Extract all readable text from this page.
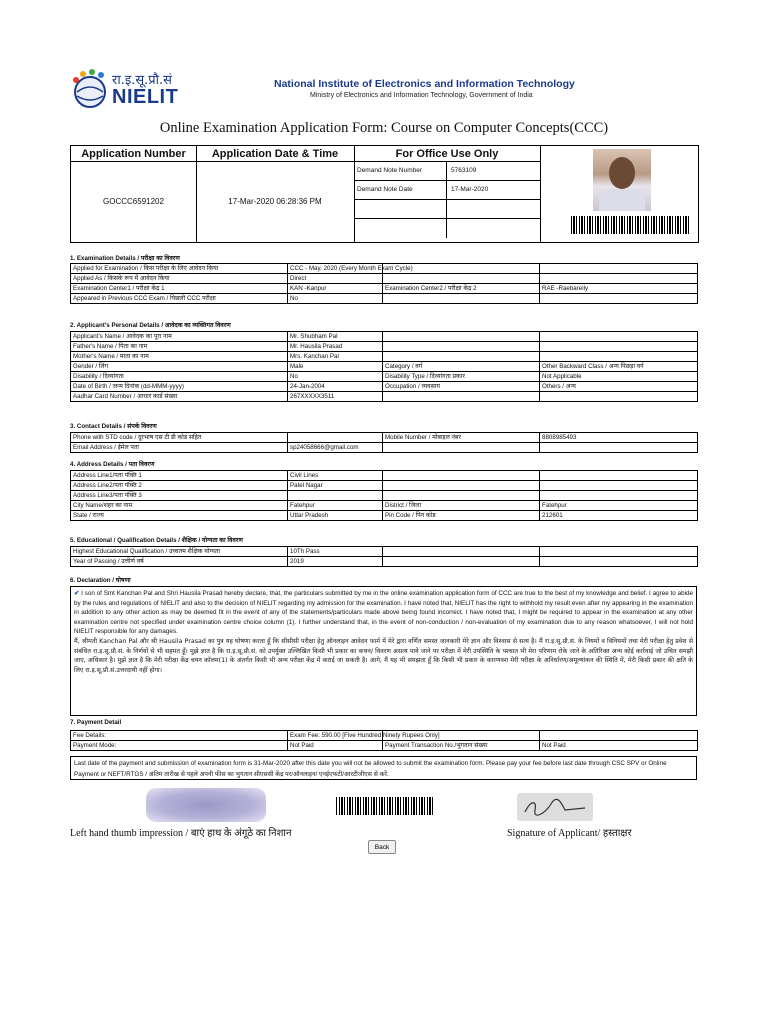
रा.इ.सू.प्रौ.सं
NIELIT
National Institute of Electronics and Information Technology
Ministry of Electronics and Information Technology, Government of India
Online Examination Application Form: Course on Computer Concepts(CCC)
Application Number	Application Date & Time	For Office Use Only
GOCCC6591202	17-Mar-2020 06:28:36 PM
Demand Note Number	5763109
Demand Note Date	17-Mar-2020
1. Examination Details / परीक्षा का विवरण
Applied for Examination / किस परीक्षा के लिए आवेदन किया	CCC - May, 2020 (Every Month Exam Cycle)		
Applied As / किसके रूप में आवेदन किया	Direct		
Examination Center1 / परीक्षा केंद्र 1	KAN -Kanpur	Examination Center2 / परीक्षा केंद्र 2	RAE -Raebareily
Appeared in Previous CCC Exam / पिछली CCC परीक्षा	No		
2. Applicant's Personal Details / आवेदक का व्यक्तिगत विवरण
Applicant's Name / आवेदक का पूरा नाम	Mr. Shubham Pal		
Father's Name / पिता का नाम	Mr. Hausila Prasad		
Mother's Name / माता का नाम	Mrs. Kanchan Pal		
Gender / लिंग	Male	Category / वर्ग	Other Backward Class / अन्य पिछड़ा वर्ग
Disability / दिव्यांगता	No	Disability Type / दिव्यांगता प्रकार	Not Applicable
Date of Birth / जन्म दिनांक (dd-MMM-yyyy)	24-Jan-2004	Occupation / व्यवसाय	Others / अन्य
Aadhar Card Number / आधार कार्ड संख्या	267XXXXX3511		
3. Contact Details / संपर्क विवरण
Phone with STD code / दूरभाष एस टी डी कोड सहित		Mobile Number / मोबाइल नंबर	8808985493
Email Address / ईमेल पता	sp24058666@gmail.com		
4. Address Details / पता विवरण
Address Line1/पता पंक्ति 1	Civil Lines		
Address Line2/पता पंक्ति 2	Patel Nagar		
Address Line3/पता पंक्ति 3			
City Name/शहर का नाम	Fatehpur	District / जिला	Fatehpur
State / राज्य	Uttar Pradesh	Pin Code / पिन कोड	212601
5. Educational / Qualification Details / शैक्षिक / योग्यता का विवरण
Highest Educational Qualification / उच्चतम शैक्षिक योग्यता	10Th Pass		
Year of Passing / उत्तीर्ण वर्ष	2019		
6. Declaration / घोषणा
✔ I son of Smt Kanchan Pal and Shri Hausila Prasad hereby declare, that, the particulars submitted by me in the online examination application form of CCC are true to the best of my knowledge and belief. I agree to abide by the rules and regulations of NIELIT and also to the decision of NIELIT regarding my admission for the examination. I have noted that, NIELIT has the right to withhold my result even after my appearing in the examination in addition to any other action as may be deemed fit in the event of any of the statements/particulars made above being found incorrect. I have noted that, I might be required to appear in the examination at any other examination centre not specified under examination centre choice column (1). I further understand that, in the event of non-conduction / non-evaluation of my examination due to any reason whatsoever, I will not hold NIELIT responsible for any damages.
मैं, श्रीमती Kanchan Pal और श्री Hausila Prasad का पुत्र यह घोषणा करता हूँ कि सीसीसी परीक्षा हेतु ऑनलाइन आवेदन फार्म में मेरे द्वारा वर्णित समस्त जानकारी मेरे ज्ञान और विश्वास से सत्य है। मैं रा.इ.सू.प्रौ.सं. के नियमों व विनियमों तथा मेरी परीक्षा हेतु प्रवेश से संबंधित रा.इ.सू.प्रौ.सं. के निर्णयों से भी सहमत हूँ। मुझे ज्ञात है कि रा.इ.सू.प्रौ.सं. को उपर्युक्त उल्लिखित किसी भी प्रकार का कथन/ विवरण असत्य पाये जाने पर परीक्षा में मेरी उपस्थिति के पश्चात भी मेरा परिणाम रोके जाने के अतिरिक्त अन्य कोई कार्रवाई जो उचित समझी जाए, अधिकार है। मुझे ज्ञात है कि मेरी परीक्षा केंद्र चयन कॉलम(1) के अंतर्गत किसी भी अन्य परीक्षा केंद्र में कराई जा सकती है। आगे, मैं यह भी समझता हूँ कि किसी भी प्रकार के कारणवश मेरी परीक्षा के अनिर्धारण/अमूल्यांकन की स्थिति में, मेरी किसी प्रकार की क्षति के लिए रा.इ.सू.प्रौ.सं.उत्तरदायी नहीं होगा।
7. Payment Detail
Fee Details:	Exam Fee: 590.00 [Five Hundred Ninety Rupees Only]		
Payment Mode:	Not Paid	Payment Transaction No./भुगतान संख्या	Not Paid
Last date of the payment and submission of examination form is 31-Mar-2020 after this date you will not be allowed to submit the examination form. Please pay your fee before last date through CSC SPV or Online Payment or NEFT/RTGS / अंतिम तारीख से पहले अपनी फीस का भुगतान सीएससी केंद्र पर/ऑनलाइन/ एनईएफटी/आरटीजीएस से करें.
Left hand thumb impression / बाएं हाथ के अंगूठे का निशान	Signature of Applicant/ हस्ताक्षर
Back
